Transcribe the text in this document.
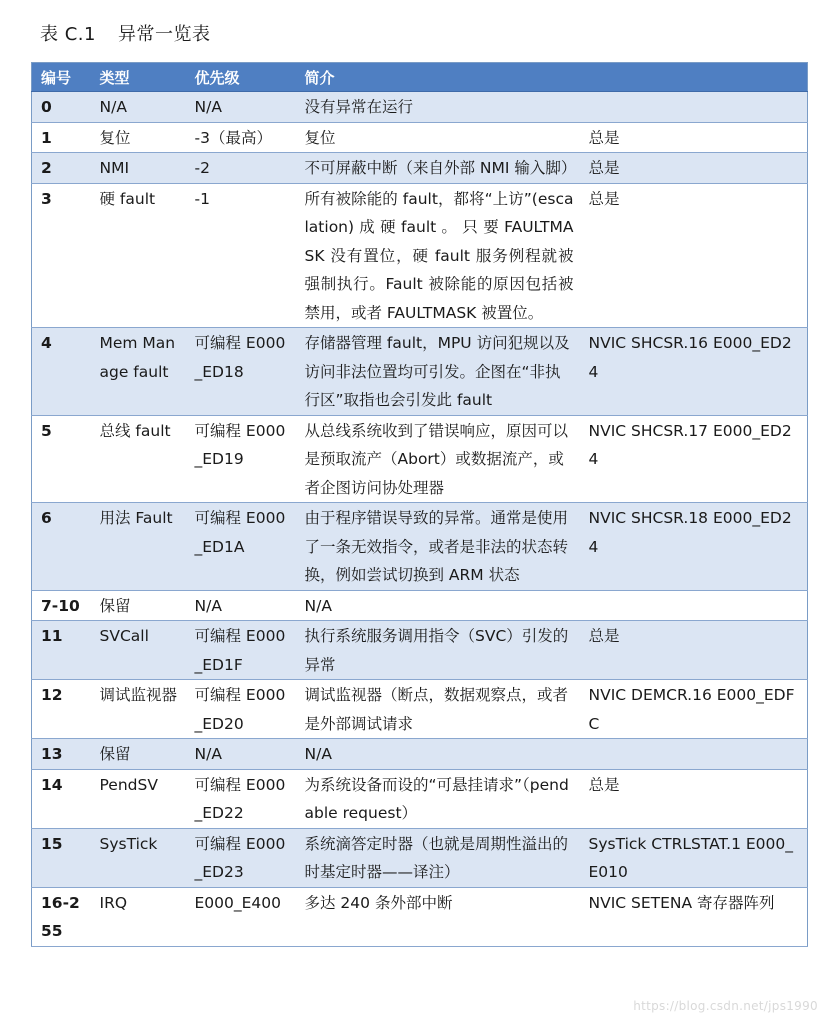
表 C.1 异常一览表
编号	类型	优先级	简介	
0	N/A	N/A	没有异常在运行	
1	复位	-3（最高）	复位	总是
2	NMI	-2	不可屏蔽中断（来自外部 NMI 输入脚）	总是
3	硬 fault	-1	所有被除能的 fault，都将“上访”(escalation) 成 硬 fault 。 只 要 FAULTMASK 没有置位，硬 fault 服务例程就被强制执行。Fault 被除能的原因包括被禁用，或者 FAULTMASK 被置位。	总是
4	Mem Manage fault	可编程 E000_ED18	存储器管理 fault，MPU 访问犯规以及访问非法位置均可引发。企图在“非执行区”取指也会引发此 fault	NVIC SHCSR.16 E000_ED24
5	总线 fault	可编程 E000_ED19	从总线系统收到了错误响应，原因可以是预取流产（Abort）或数据流产，或者企图访问协处理器	NVIC SHCSR.17 E000_ED24
6	用法 Fault	可编程 E000_ED1A	由于程序错误导致的异常。通常是使用了一条无效指令，或者是非法的状态转换，例如尝试切换到 ARM 状态	NVIC SHCSR.18 E000_ED24
7-10	保留	N/A	N/A	
11	SVCall	可编程 E000_ED1F	执行系统服务调用指令（SVC）引发的异常	总是
12	调试监视器	可编程 E000_ED20	调试监视器（断点，数据观察点，或者是外部调试请求	NVIC DEMCR.16 E000_EDFC
13	保留	N/A	N/A	
14	PendSV	可编程 E000_ED22	为系统设备而设的“可悬挂请求”（pendable request）	总是
15	SysTick	可编程 E000_ED23	系统滴答定时器（也就是周期性溢出的时基定时器——译注）	SysTick CTRLSTAT.1 E000_E010
16-255	IRQ	E000_E400	多达 240 条外部中断	NVIC SETENA 寄存器阵列
https://blog.csdn.net/jps1990
